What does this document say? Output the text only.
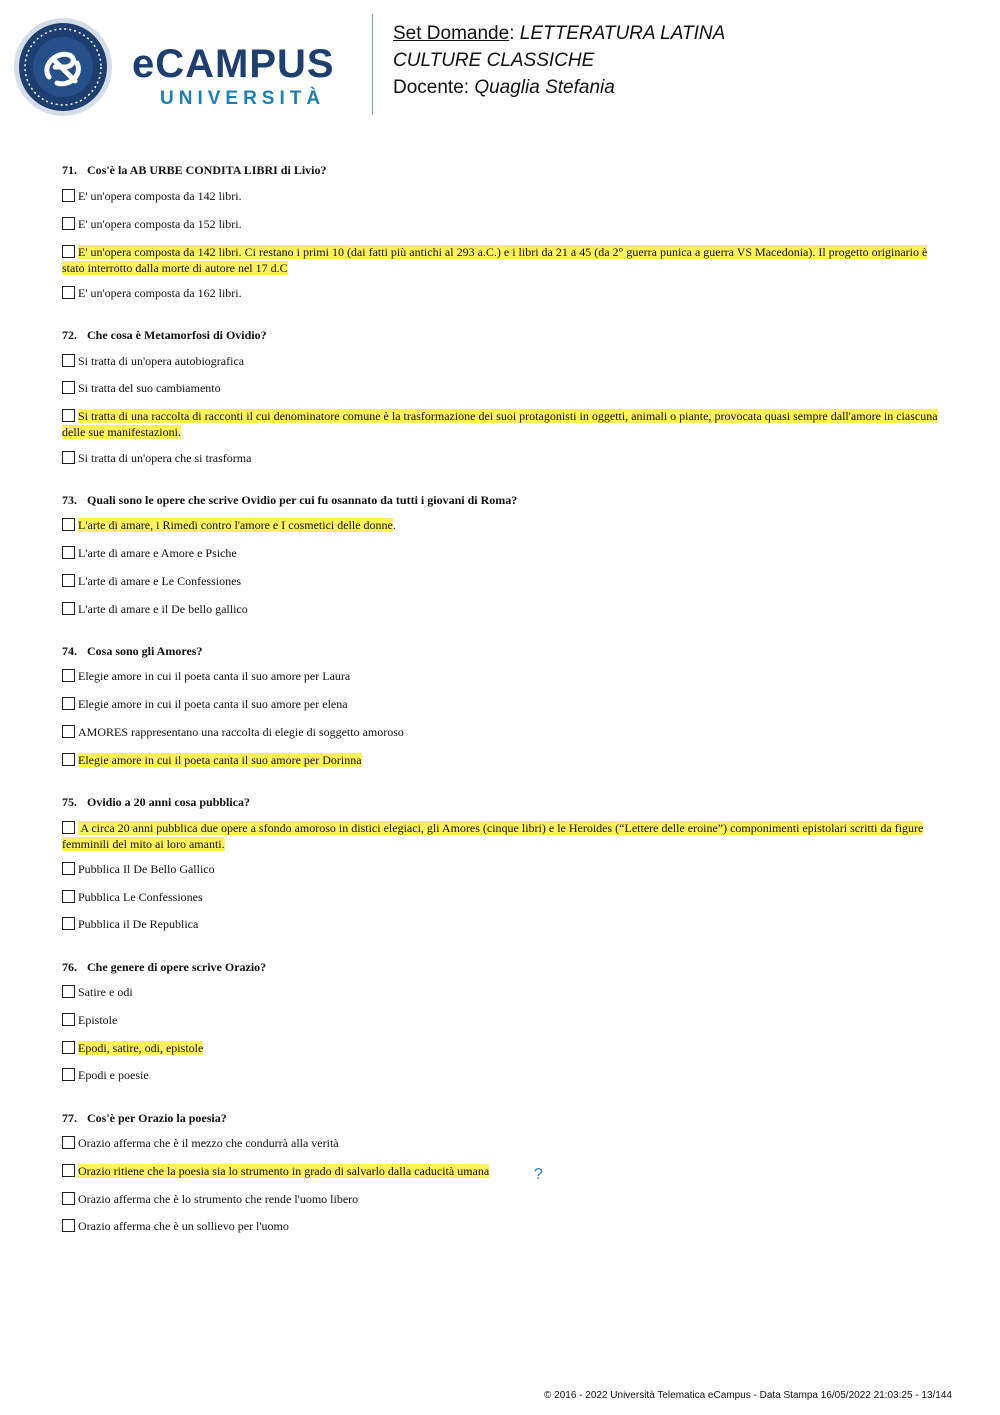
eCAMPUS
UNIVERSITÀ
Set Domande: LETTERATURA LATINA
CULTURE CLASSICHE
Docente: Quaglia Stefania
71. Cos'è la AB URBE CONDITA LIBRI di Livio?
E' un'opera composta da 142 libri.
E' un'opera composta da 152 libri.
E' un'opera composta da 142 libri. Ci restano i primi 10 (dai fatti più antichi al 293 a.C.) e i libri da 21 a 45 (da 2° guerra punica a guerra VS Macedonia). Il progetto originario è stato interrotto dalla morte di autore nel 17 d.C
E' un'opera composta da 162 libri.
72. Che cosa è Metamorfosi di Ovidio?
Si tratta di un'opera autobiografica
Si tratta del suo cambiamento
Si tratta di una raccolta di racconti il cui denominatore comune è la trasformazione dei suoi protagonisti in oggetti, animali o piante, provocata quasi sempre dall'amore in ciascuna delle sue manifestazioni.
Si tratta di un'opera che si trasforma
73. Quali sono le opere che scrive Ovidio per cui fu osannato da tutti i giovani di Roma?
L'arte di amare, i Rimedi contro l'amore e I cosmetici delle donne.
L'arte di amare e Amore e Psiche
L'arte di amare e Le Confessiones
L'arte di amare e il De bello gallico
74. Cosa sono gli Amores?
Elegie amore in cui il poeta canta il suo amore per Laura
Elegie amore in cui il poeta canta il suo amore per elena
AMORES rappresentano una raccolta di elegie di soggetto amoroso
Elegie amore in cui il poeta canta il suo amore per Dorinna
75. Ovidio a 20 anni cosa pubblica?
A circa 20 anni pubblica due opere a sfondo amoroso in distici elegiaci, gli Amores (cinque libri) e le Heroides (“Lettere delle eroine”) componimenti epistolari scritti da figure femminili del mito ai loro amanti.
Pubblica Il De Bello Gallico
Pubblica Le Confessiones
Pubblica il De Republica
76. Che genere di opere scrive Orazio?
Satire e odi
Epistole
Epodi, satire, odi, epistole
Epodi e poesie
77. Cos'è per Orazio la poesia?
Orazio afferma che è il mezzo che condurrà alla verità
Orazio ritiene che la poesia sia lo strumento in grado di salvarlo dalla caducità umana
Orazio afferma che è lo strumento che rende l'uomo libero
Orazio afferma che è un sollievo per l'uomo
?
© 2016 - 2022 Università Telematica eCampus - Data Stampa 16/05/2022 21:03:25 - 13/144
